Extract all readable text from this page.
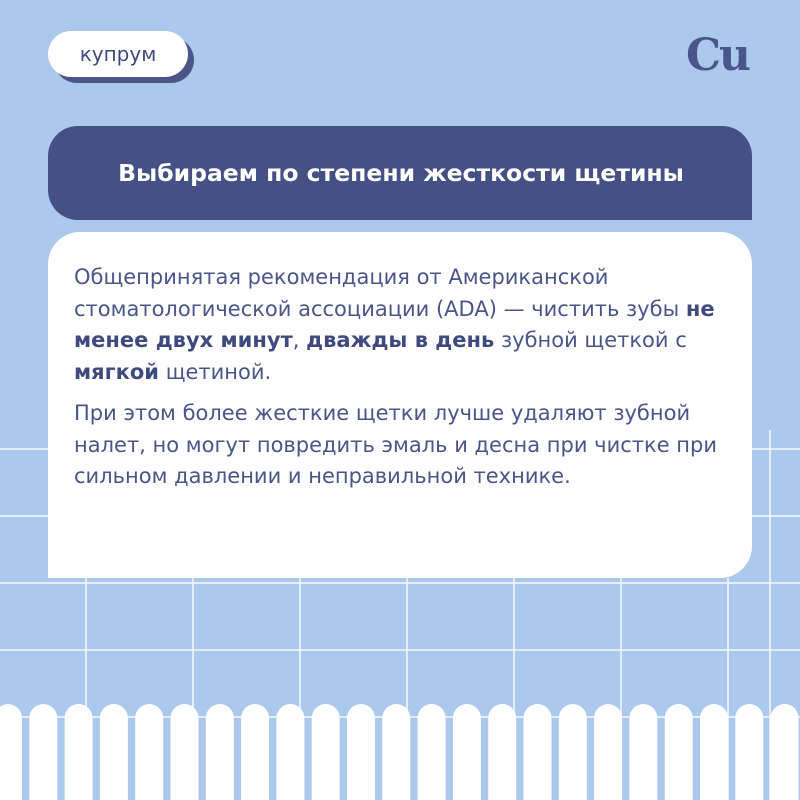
купрум	Cu
Выбираем по степени жесткости щетины

Общепринятая рекомендация от Американской стоматологической ассоциации (ADA) — чистить зубы не менее двух минут, дважды в день зубной щеткой с мягкой щетиной.

При этом более жесткие щетки лучше удаляют зубной налет, но могут повредить эмаль и десна при чистке при сильном давлении и неправильной технике.
